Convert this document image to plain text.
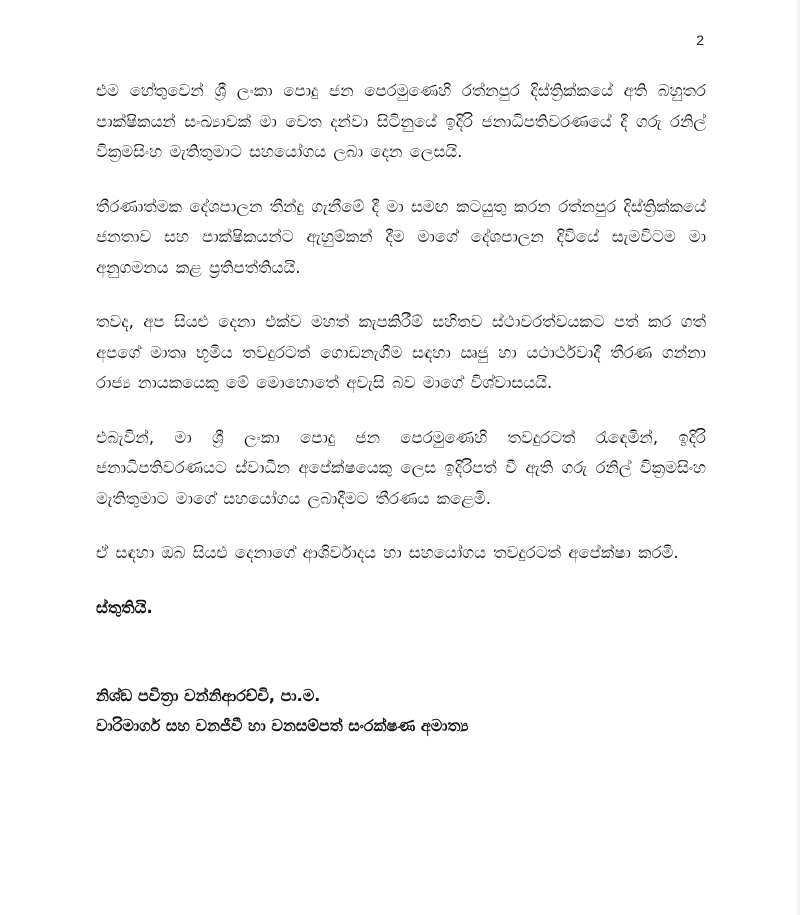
2

එම හේතුවෙන් ශ්‍රී ලංකා පොදු ජන පෙරමුණෙහි රත්නපුර දිස්ත්‍රික්කයේ අති බහුතර පාක්ෂිකයන් සංඛ්‍යාවක් මා වෙත දන්වා සිටිනුයේ ඉදිරි ජනාධිපතිවරණයේ දී ගරු රනිල් වික්‍රමසිංහ මැතිතුමාට සහයෝගය ලබා දෙන ලෙසයි.

තීරණාත්මක දේශපාලන තීන්දු ගැනීමේ දී මා සමඟ කටයුතු කරන රත්නපුර දිස්ත්‍රික්කයේ ජනතාව සහ පාක්ෂිකයන්ට ඇහුම්කන් දීම මාගේ දේශපාලන දිවියේ සැමවිටම මා අනුගමනය කළ ප්‍රතිපත්තියයි.

තවද, අප සියළු දෙනා එක්ව මහත් කැපකිරීම් සහිතව ස්ථාවරත්වයකට පත් කර ගත් අපගේ මාතෘ භූමිය තවදුරටත් ගොඩනැගීම සඳහා ඍජු හා යථාර්ථවාදී තීරණ ගන්නා රාජ්‍ය නායකයෙකු මේ මොහොතේ අවැසි බව මාගේ විශ්වාසයයි.

එබැවින්, මා ශ්‍රී ලංකා පොදු ජන පෙරමුණෙහි තවදුරටත් රැඳෙමින්, ඉදිරි ජනාධිපතිවරණයට ස්වාධීන අපේක්ෂයෙකු ලෙස ඉදිරිපත් වී ඇති ගරු රනිල් වික්‍රමසිංහ මැතිතුමාට මාගේ සහයෝගය ලබාදීමට තීරණය කළෙමි.

ඒ සඳහා ඔබ සියළු දෙනාගේ ආශිර්වාදය හා සහයෝගය තවදුරටත් අපේක්ෂා කරමි.

ස්තුතියි.

නිශ්ඞ පවිත්‍රා වන්නිආරච්චි, පා.ම.

වාරිමාර්ග සහ වනජීවී හා වනසම්පත් සංරක්ෂණ අමාත්‍ය
